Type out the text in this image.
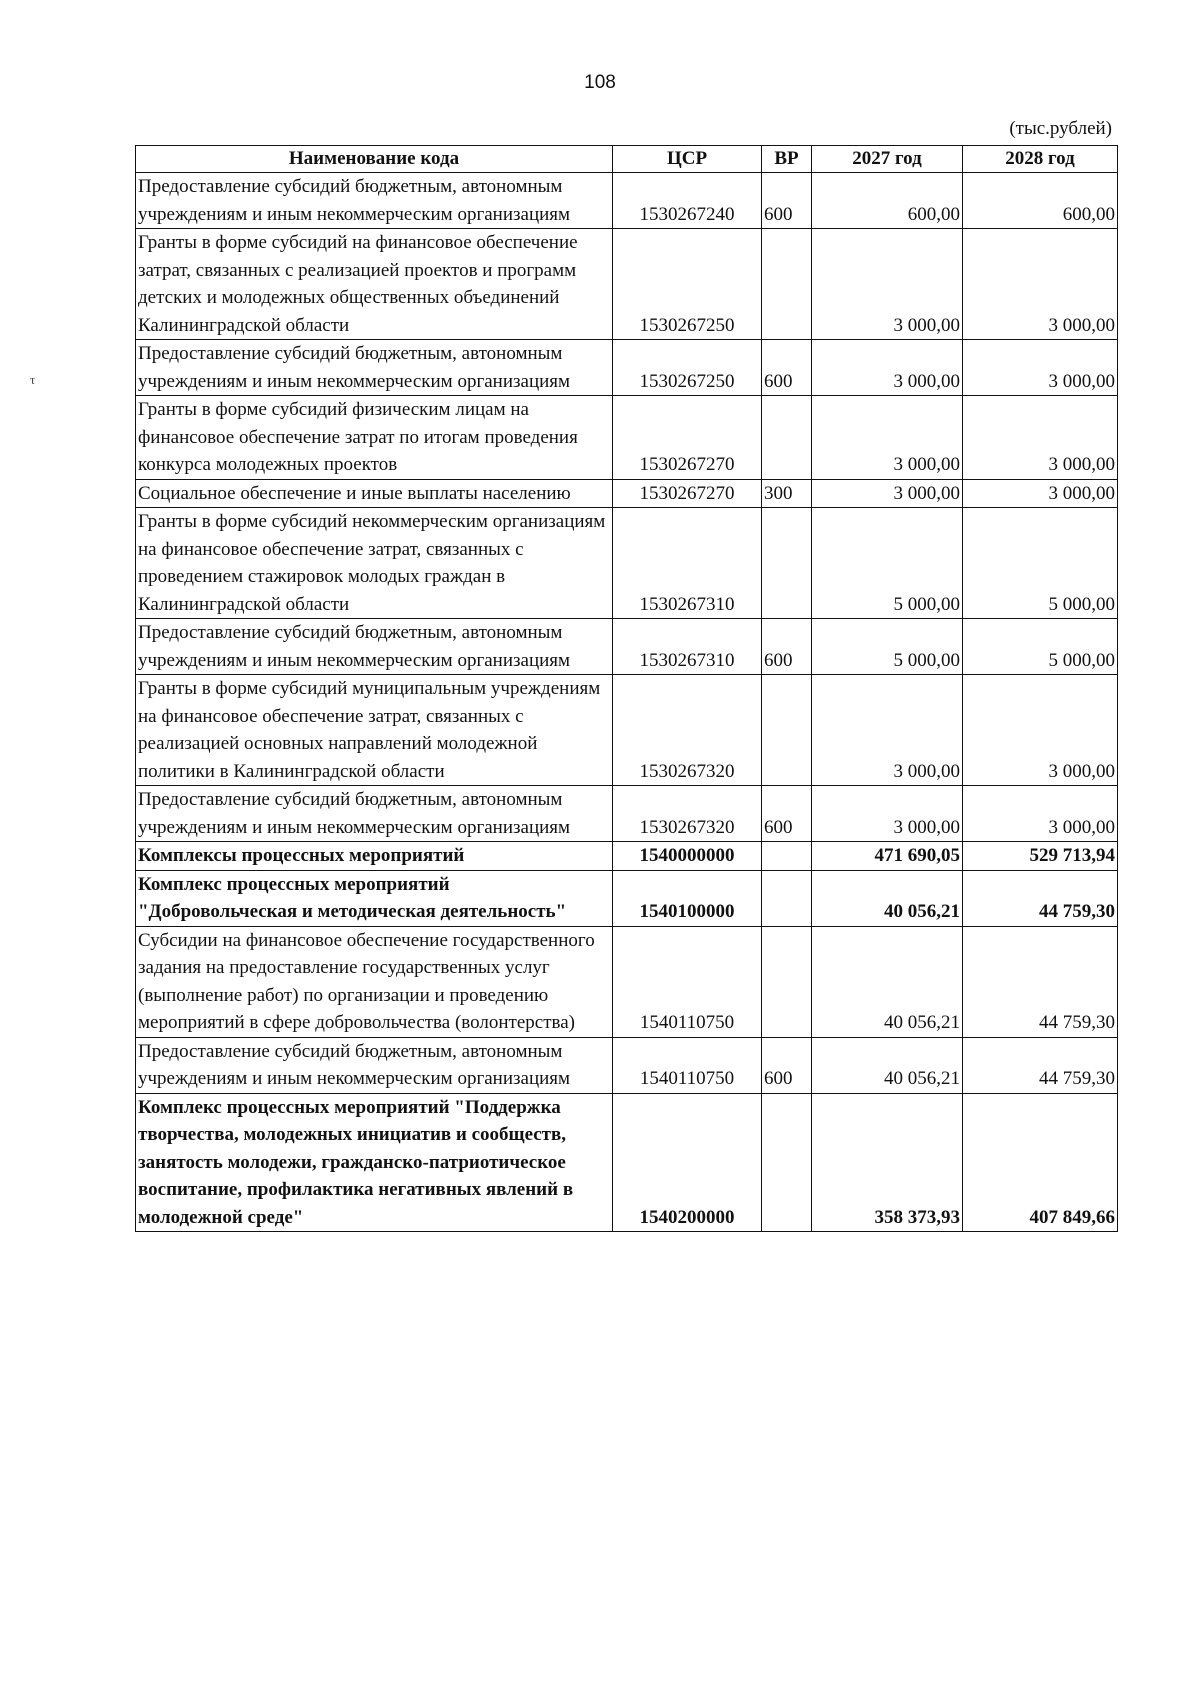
108
τ
(тыс.рублей)
Наименование кода	ЦСР	ВР	2027 год	2028 год
Предоставление субсидий бюджетным, автономным учреждениям и иным некоммерческим организациям	1530267240	600	600,00	600,00
Гранты в форме субсидий на финансовое обеспечение затрат, связанных с реализацией проектов и программ детских и молодежных общественных объединений Калининградской области	1530267250		3 000,00	3 000,00
Предоставление субсидий бюджетным, автономным учреждениям и иным некоммерческим организациям	1530267250	600	3 000,00	3 000,00
Гранты в форме субсидий физическим лицам на финансовое обеспечение затрат по итогам проведения конкурса молодежных проектов	1530267270		3 000,00	3 000,00
Социальное обеспечение и иные выплаты населению	1530267270	300	3 000,00	3 000,00
Гранты в форме субсидий некоммерческим организациям на финансовое обеспечение затрат, связанных с проведением стажировок молодых граждан в Калининградской области	1530267310		5 000,00	5 000,00
Предоставление субсидий бюджетным, автономным учреждениям и иным некоммерческим организациям	1530267310	600	5 000,00	5 000,00
Гранты в форме субсидий муниципальным учреждениям на финансовое обеспечение затрат, связанных с реализацией основных направлений молодежной политики в Калининградской области	1530267320		3 000,00	3 000,00
Предоставление субсидий бюджетным, автономным учреждениям и иным некоммерческим организациям	1530267320	600	3 000,00	3 000,00
Комплексы процессных мероприятий	1540000000		471 690,05	529 713,94
Комплекс процессных мероприятий "Добровольческая и методическая деятельность"	1540100000		40 056,21	44 759,30
Субсидии на финансовое обеспечение государственного задания на предоставление государственных услуг (выполнение работ) по организации и проведению мероприятий в сфере добровольчества (волонтерства)	1540110750		40 056,21	44 759,30
Предоставление субсидий бюджетным, автономным учреждениям и иным некоммерческим организациям	1540110750	600	40 056,21	44 759,30
Комплекс процессных мероприятий "Поддержка творчества, молодежных инициатив и сообществ, занятость молодежи, гражданско-патриотическое воспитание, профилактика негативных явлений в молодежной среде"	1540200000		358 373,93	407 849,66
